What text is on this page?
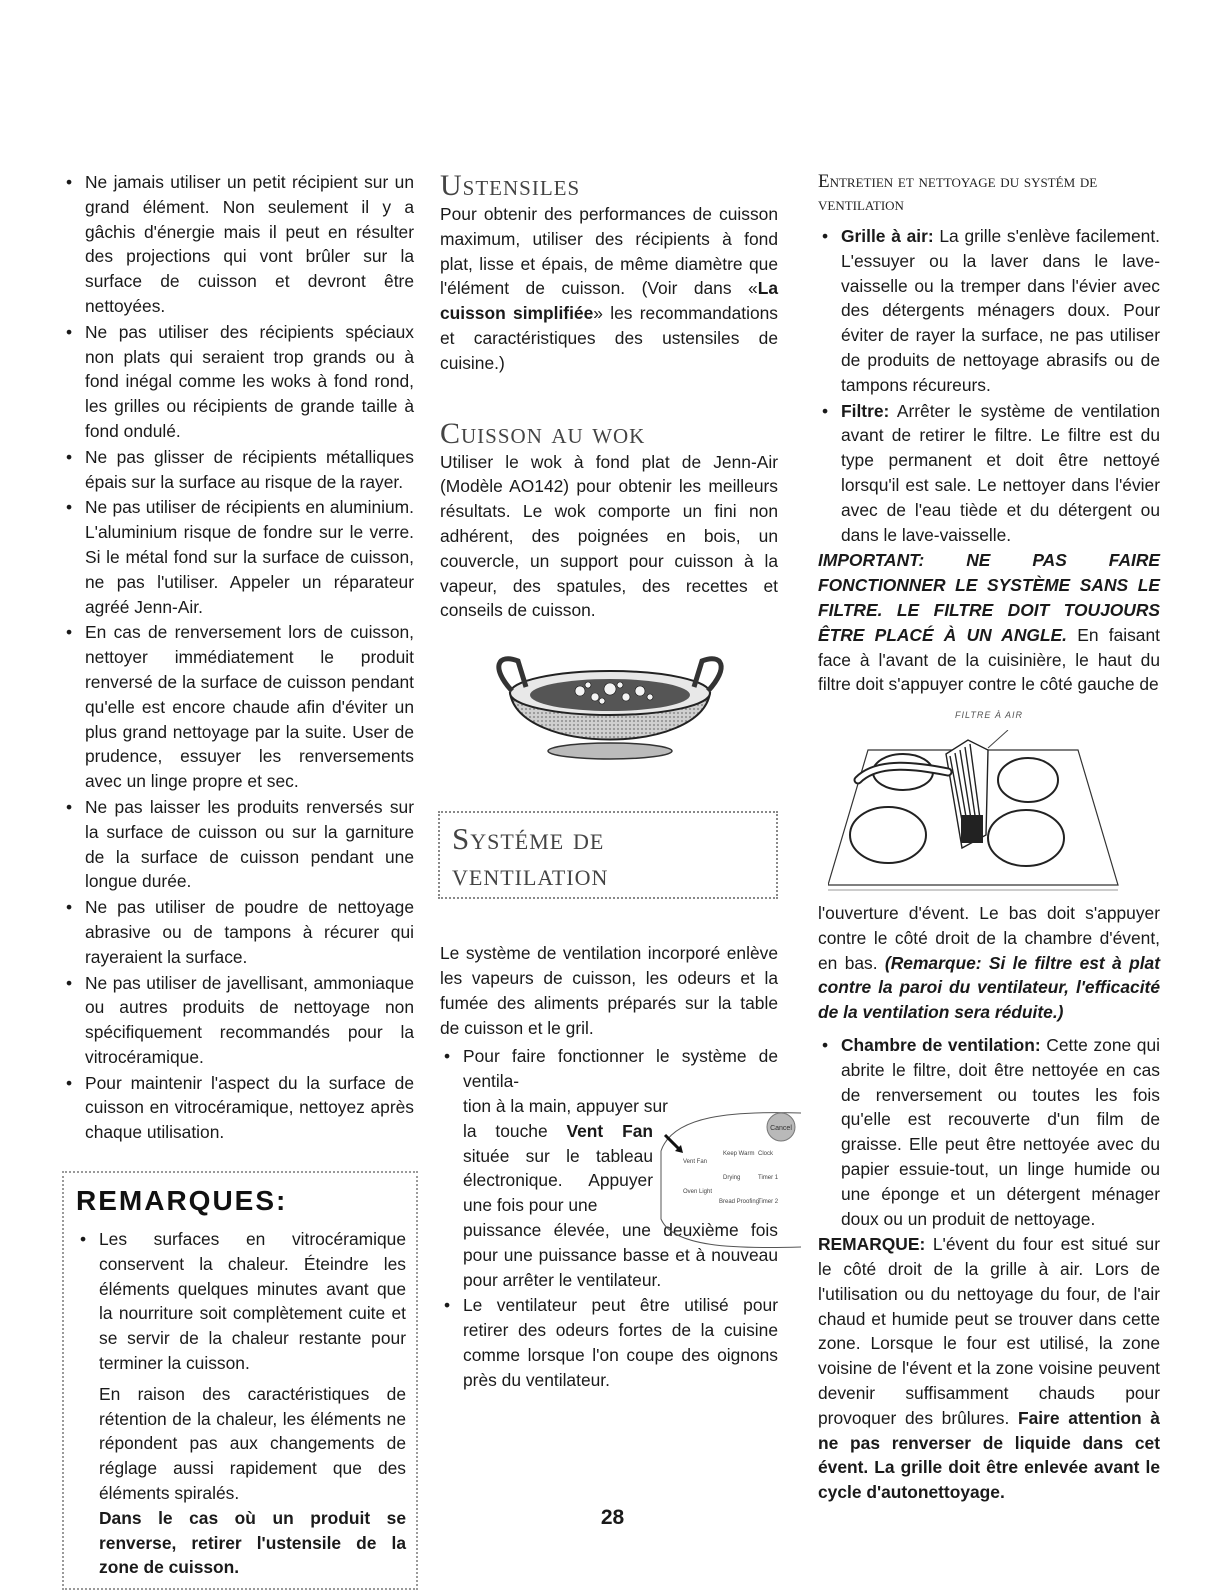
• Ne jamais utiliser un petit récipient sur un grand élément. Non seulement il y a gâchis d'énergie mais il peut en résulter des projections qui vont brûler sur la surface de cuisson et devront être nettoyées.
• Ne pas utiliser des récipients spéciaux non plats qui seraient trop grands ou à fond inégal comme les woks à fond rond, les grilles ou récipients de grande taille à fond ondulé.
• Ne pas glisser de récipients métalliques épais sur la surface au risque de la rayer.
• Ne pas utiliser de récipients en aluminium. L'aluminium risque de fondre sur le verre. Si le métal fond sur la surface de cuisson, ne pas l'utiliser. Appeler un réparateur agréé Jenn-Air.
• En cas de renversement lors de cuisson, nettoyer immédiatement le produit renversé de la surface de cuisson pendant qu'elle est encore chaude afin d'éviter un plus grand nettoyage par la suite. User de prudence, essuyer les renversements avec un linge propre et sec.
• Ne pas laisser les produits renversés sur la surface de cuisson ou sur la garniture de la surface de cuisson pendant une longue durée.
• Ne pas utiliser de poudre de nettoyage abrasive ou de tampons à récurer qui rayeraient la surface.
• Ne pas utiliser de javellisant, ammoniaque ou autres produits de nettoyage non spécifiquement recommandés pour la vitrocéramique.
• Pour maintenir l'aspect du la surface de cuisson en vitrocéramique, nettoyez après chaque utilisation.
REMARQUES:
• Les surfaces en vitrocéramique conservent la chaleur. Éteindre les éléments quelques minutes avant que la nourriture soit complètement cuite et se servir de la chaleur restante pour terminer la cuisson.

En raison des caractéristiques de rétention de la chaleur, les éléments ne répondent pas aux changements de réglage aussi rapidement que des éléments spiralés.

Dans le cas où un produit se renverse, retirer l'ustensile de la zone de cuisson.

Ustensiles

Pour obtenir des performances de cuisson maximum, utiliser des récipients à fond plat, lisse et épais, de même diamètre que l'élément de cuisson. (Voir dans «La cuisson simplifiée» les recommandations et caractéristiques des ustensiles de cuisine.)

Cuisson au wok

Utiliser le wok à fond plat de Jenn-Air (Modèle AO142) pour obtenir les meilleurs résultats. Le wok comporte un fini non adhérent, des poignées en bois, un couvercle, un support pour cuisson à la vapeur, des spatules, des recettes et conseils de cuisson.

Systéme de ventilation

Le système de ventilation incorporé enlève les vapeurs de cuisson, les odeurs et la fumée des aliments préparés sur la table de cuisson et le gril.

• Pour faire fonctionner le système de ventila-
tion à la main, appuyer sur
la touche Vent Fan située sur le tableau électronique. Appuyer une fois pour une
Cancel
Vent Fan
Keep Warm Clock
Drying	Timer 1
Oven Light
Bread Proofing
Timer 2
puissance élevée, une deuxième fois pour une puissance basse et à nouveau pour arrêter le ventilateur.
• Le ventilateur peut être utilisé pour retirer des odeurs fortes de la cuisine comme lorsque l'on coupe des oignons près du ventilateur.
Entretien et nettoyage du systém de ventilation
• Grille à air: La grille s'enlève facilement. L'essuyer ou la laver dans le lave-vaisselle ou la tremper dans l'évier avec des détergents ménagers doux. Pour éviter de rayer la surface, ne pas utiliser de produits de nettoyage abrasifs ou de tampons récureurs.
• Filtre: Arrêter le système de ventilation avant de retirer le filtre. Le filtre est du type permanent et doit être nettoyé lorsqu'il est sale. Le nettoyer dans l'évier avec de l'eau tiède et du détergent ou dans le lave-vaisselle.

IMPORTANT: NE PAS FAIRE FONCTIONNER LE SYSTÈME SANS LE FILTRE. LE FILTRE DOIT TOUJOURS ÊTRE PLACÉ À UN ANGLE. En faisant face à l'avant de la cuisinière, le haut du filtre doit s'appuyer contre le côté gauche de

FILTRE À AIR

l'ouverture d'évent. Le bas doit s'appuyer contre le côté droit de la chambre d'évent, en bas. (Remarque: Si le filtre est à plat contre la paroi du ventilateur, l'efficacité de la ventilation sera réduite.)

• Chambre de ventilation: Cette zone qui abrite le filtre, doit être nettoyée en cas de renversement ou toutes les fois qu'elle est recouverte d'un film de graisse. Elle peut être nettoyée avec du papier essuie-tout, un linge humide ou une éponge et un détergent ménager doux ou un produit de nettoyage.

REMARQUE: L'évent du four est situé sur le côté droit de la grille à air. Lors de l'utilisation ou du nettoyage du four, de l'air chaud et humide peut se trouver dans cette zone. Lorsque le four est utilisé, la zone voisine de l'évent et la zone voisine peuvent devenir suffisamment chauds pour provoquer des brûlures. Faire attention à ne pas renverser de liquide dans cet évent. La grille doit être enlevée avant le cycle d'autonettoyage.

28
